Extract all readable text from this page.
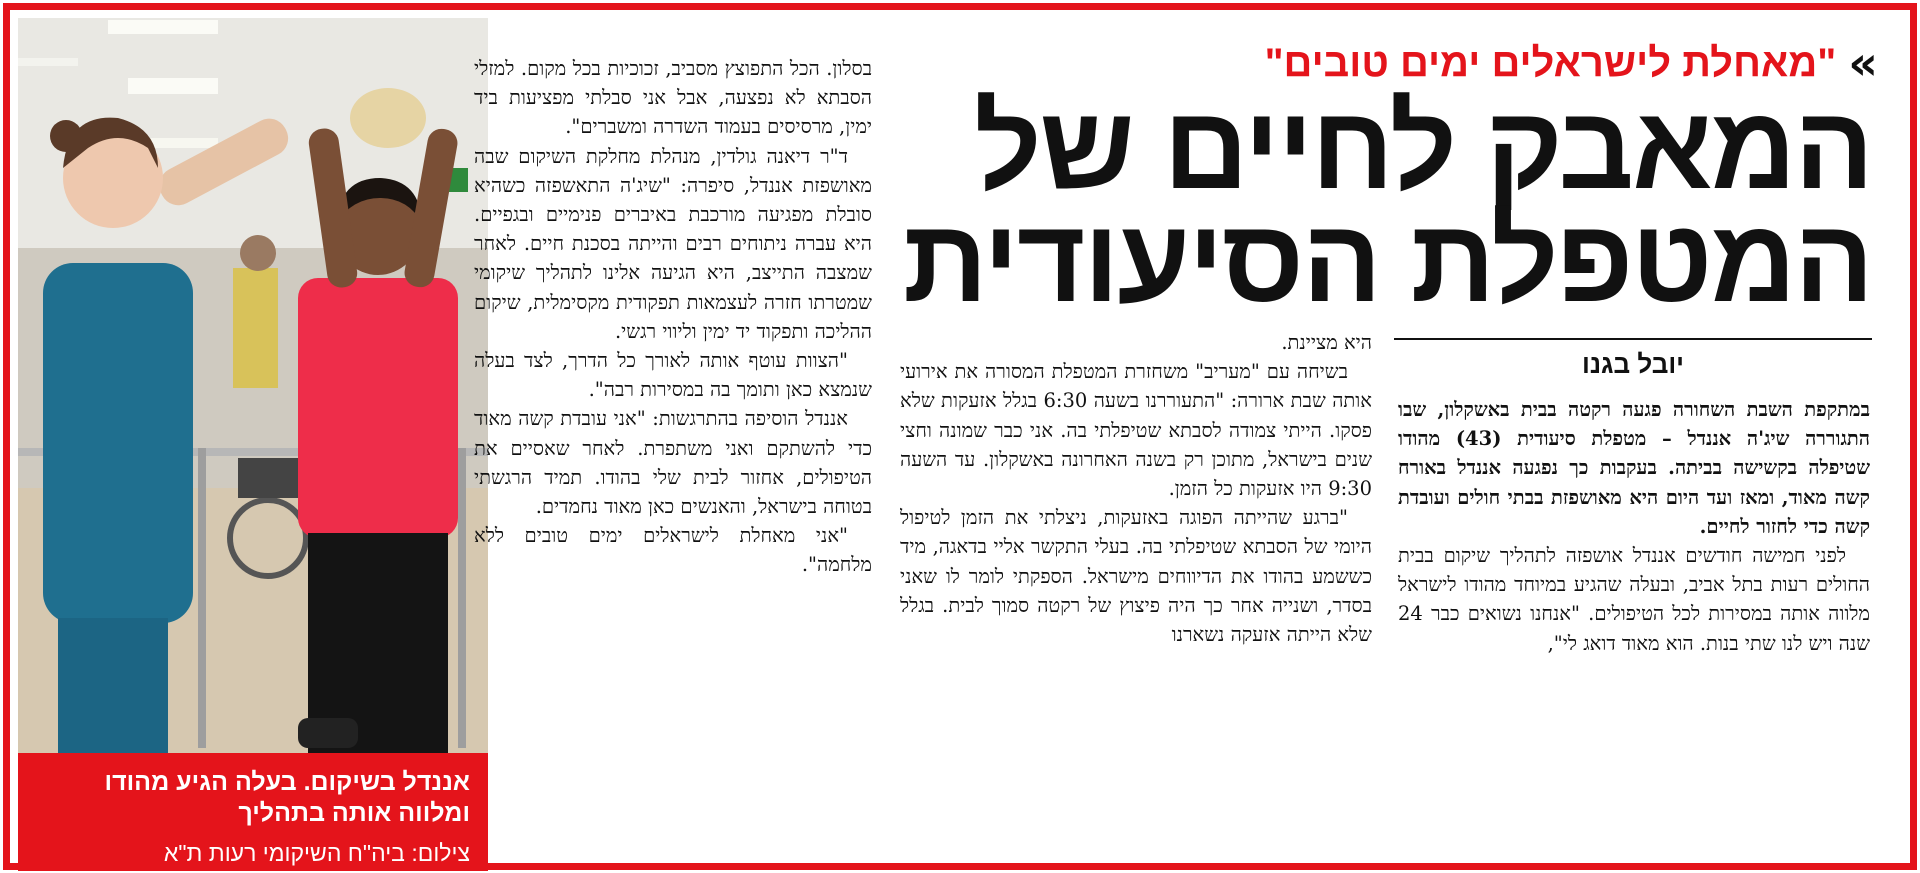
אננדל בשיקום. בעלה הגיע מהודו
ומלווה אותה בתהליך
צילום: ביה"ח השיקומי רעות ת"א
»
"מאחלת לישראלים ימים טובים"
המאבק לחיים של
המטפלת הסיעודית
יובל בגנו

במתקפת השבת השחורה פגעה רקטה בבית באשקלון, שבו התגוררה שיג'ה אננדל – מטפלת סיעודית (43) מהודו שטיפלה בקשישה בביתה. בעקבות כך נפגעה אננדל באורח קשה מאוד, ומאז ועד היום היא מאושפזת בבתי חולים ועובדת קשה כדי לחזור לחיים.

לפני חמישה חודשים אננדל אושפזה לתהליך שיקום בבית החולים רעות בתל אביב, ובעלה שהגיע במיוחד מהודו לישראל מלווה אותה במסירות לכל הטיפולים. "אנחנו נשואים כבר 24 שנה ויש לנו שתי בנות. הוא מאוד דואג לי",

היא מציינת.

בשיחה עם "מעריב" משחזרת המטפלת המסורה את אירועי אותה שבת ארורה: "התעוררנו בשעה 6:30 בגלל אזעקות שלא פסקו. הייתי צמודה לסבתא שטיפלתי בה. אני כבר שמונה וחצי שנים בישראל, מתוכן רק בשנה האחרונה באשקלון. עד השעה 9:30 היו אזעקות כל הזמן.

"ברגע שהייתה הפוגה באזעקות, ניצלתי את הזמן לטיפול היומי של הסבתא שטיפלתי בה. בעלי התקשר אליי בדאגה, מיד כששמע בהודו את הדיווחים מישראל. הספקתי לומר לו שאני בסדר, ושנייה אחר כך היה פיצוץ של רקטה סמוך לבית. בגלל שלא הייתה אזעקה נשארנו

בסלון. הכל התפוצץ מסביב, זכוכיות בכל מקום. למזלי הסבתא לא נפצעה, אבל אני סבלתי מפציעות ביד ימין, מרסיסים בעמוד השדרה ומשברים".

ד"ר דיאנה גולדין, מנהלת מחלקת השיקום שבה מאושפזת אננדל, סיפרה: "שיג'ה התאשפזה כשהיא סובלת מפגיעה מורכבת באיברים פנימיים ובגפיים. היא עברה ניתוחים רבים והייתה בסכנת חיים. לאחר שמצבה התייצב, היא הגיעה אלינו לתהליך שיקומי שמטרתו חזרה לעצמאות תפקודית מקסימלית, שיקום ההליכה ותפקוד יד ימין וליווי רגשי.

"הצוות עוטף אותה לאורך כל הדרך, לצד בעלה שנמצא כאן ותומך בה במסירות רבה".

אננדל הוסיפה בהתרגשות: "אני עובדת קשה מאוד כדי להשתקם ואני משתפרת. לאחר שאסיים את הטיפולים, אחזור לבית שלי בהודו. תמיד הרגשתי בטוחה בישראל, והאנשים כאן מאוד נחמדים.

"אני מאחלת לישראלים ימים טובים ללא מלחמה".
